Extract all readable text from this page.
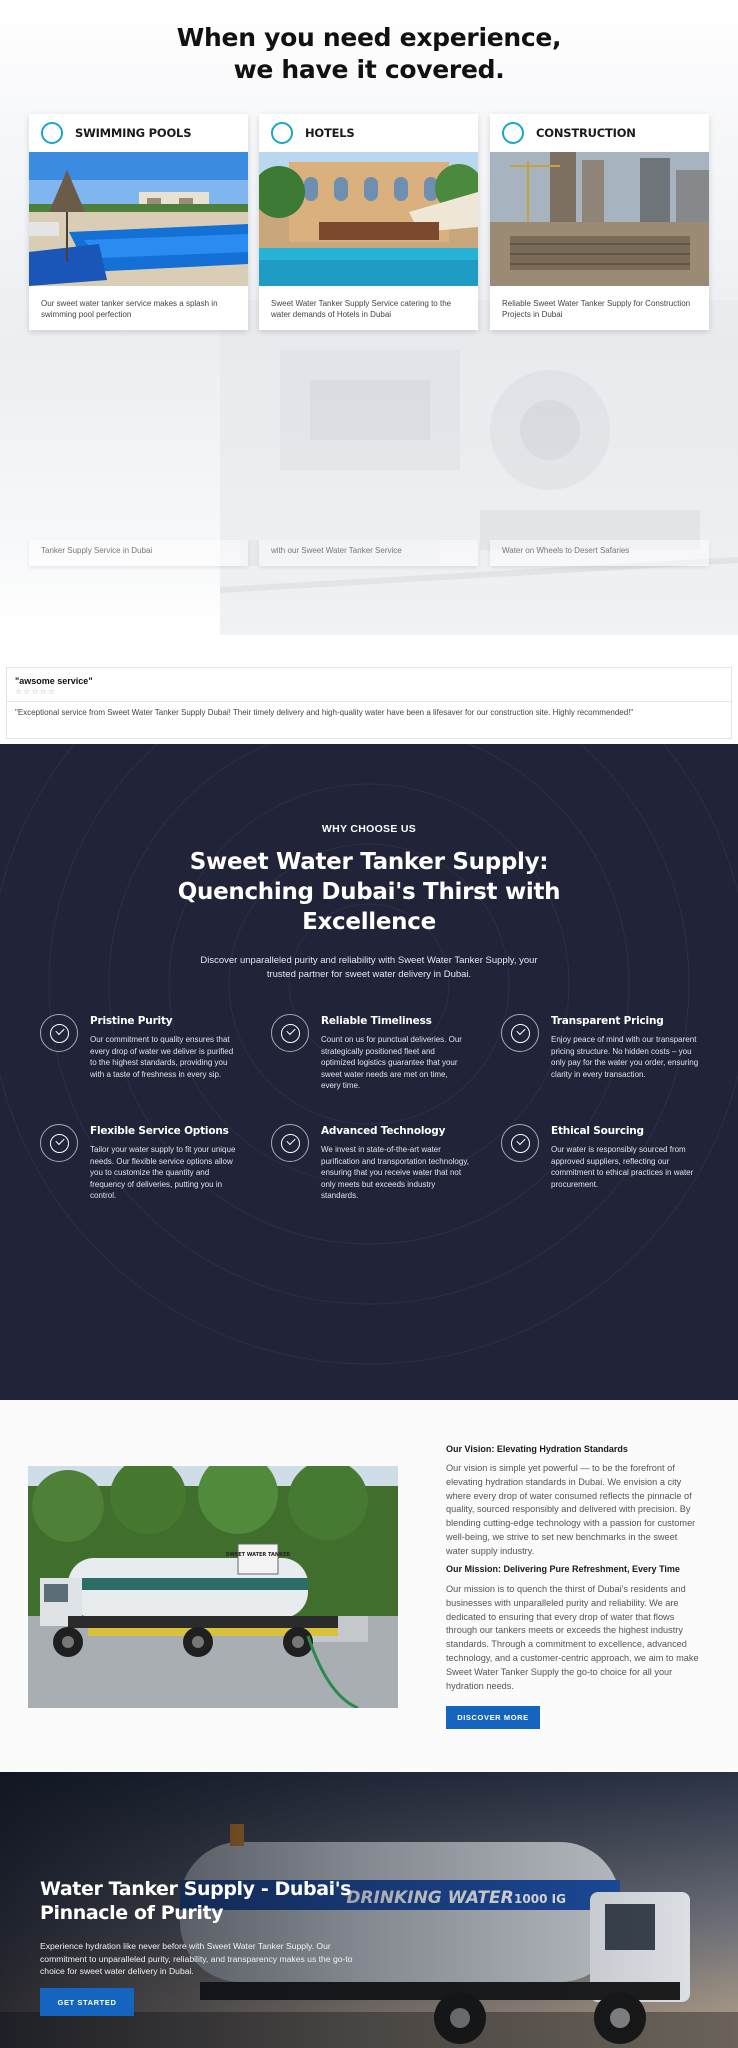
When you need experience,
we have it covered.
SWIMMING POOLS

Our sweet water tanker service makes a splash in swimming pool perfection

HOTELS

Sweet Water Tanker Supply Service catering to the water demands of Hotels in Dubai

CONSTRUCTION

Reliable Sweet Water Tanker Supply for Construction Projects in Dubai

Tanker Supply Service in Dubai	with our Sweet Water Tanker Service	Water on Wheels to Desert Safaries
"awsome service"
☆☆☆☆☆
"Exceptional service from Sweet Water Tanker Supply Dubai! Their timely delivery and high-quality water have been a lifesaver for our construction site. Highly recommended!"
WHY CHOOSE US
Sweet Water Tanker Supply: Quenching Dubai's Thirst with Excellence

Discover unparalleled purity and reliability with Sweet Water Tanker Supply, your trusted partner for sweet water delivery in Dubai.

Pristine Purity
Our commitment to quality ensures that every drop of water we deliver is purified to the highest standards, providing you with a taste of freshness in every sip.
Reliable Timeliness
Count on us for punctual deliveries. Our strategically positioned fleet and optimized logistics guarantee that your sweet water needs are met on time, every time.
Transparent Pricing
Enjoy peace of mind with our transparent pricing structure. No hidden costs – you only pay for the water you order, ensuring clarity in every transaction.
Flexible Service Options
Tailor your water supply to fit your unique needs. Our flexible service options allow you to customize the quantity and frequency of deliveries, putting you in control.
Advanced Technology
We invest in state-of-the-art water purification and transportation technology, ensuring that you receive water that not only meets but exceeds industry standards.
Ethical Sourcing
Our water is responsibly sourced from approved suppliers, reflecting our commitment to ethical practices in water procurement.
SWEET WATER TANKER
Our Vision: Elevating Hydration Standards

Our vision is simple yet powerful — to be the forefront of elevating hydration standards in Dubai. We envision a city where every drop of water consumed reflects the pinnacle of quality, sourced responsibly and delivered with precision. By blending cutting-edge technology with a passion for customer well-being, we strive to set new benchmarks in the sweet water supply industry.

Our Mission: Delivering Pure Refreshment, Every Time

Our mission is to quench the thirst of Dubai's residents and businesses with unparalleled purity and reliability. We are dedicated to ensuring that every drop of water that flows through our tankers meets or exceeds the highest industry standards. Through a commitment to excellence, advanced technology, and a customer-centric approach, we aim to make Sweet Water Tanker Supply the go-to choice for all your hydration needs.

DISCOVER MORE
Water Tanker Supply - Dubai's Pinnacle of Purity

Experience hydration like never before with Sweet Water Tanker Supply. Our commitment to unparalleled purity, reliability, and transparency makes us the go-to choice for sweet water delivery in Dubai.

GET STARTED
